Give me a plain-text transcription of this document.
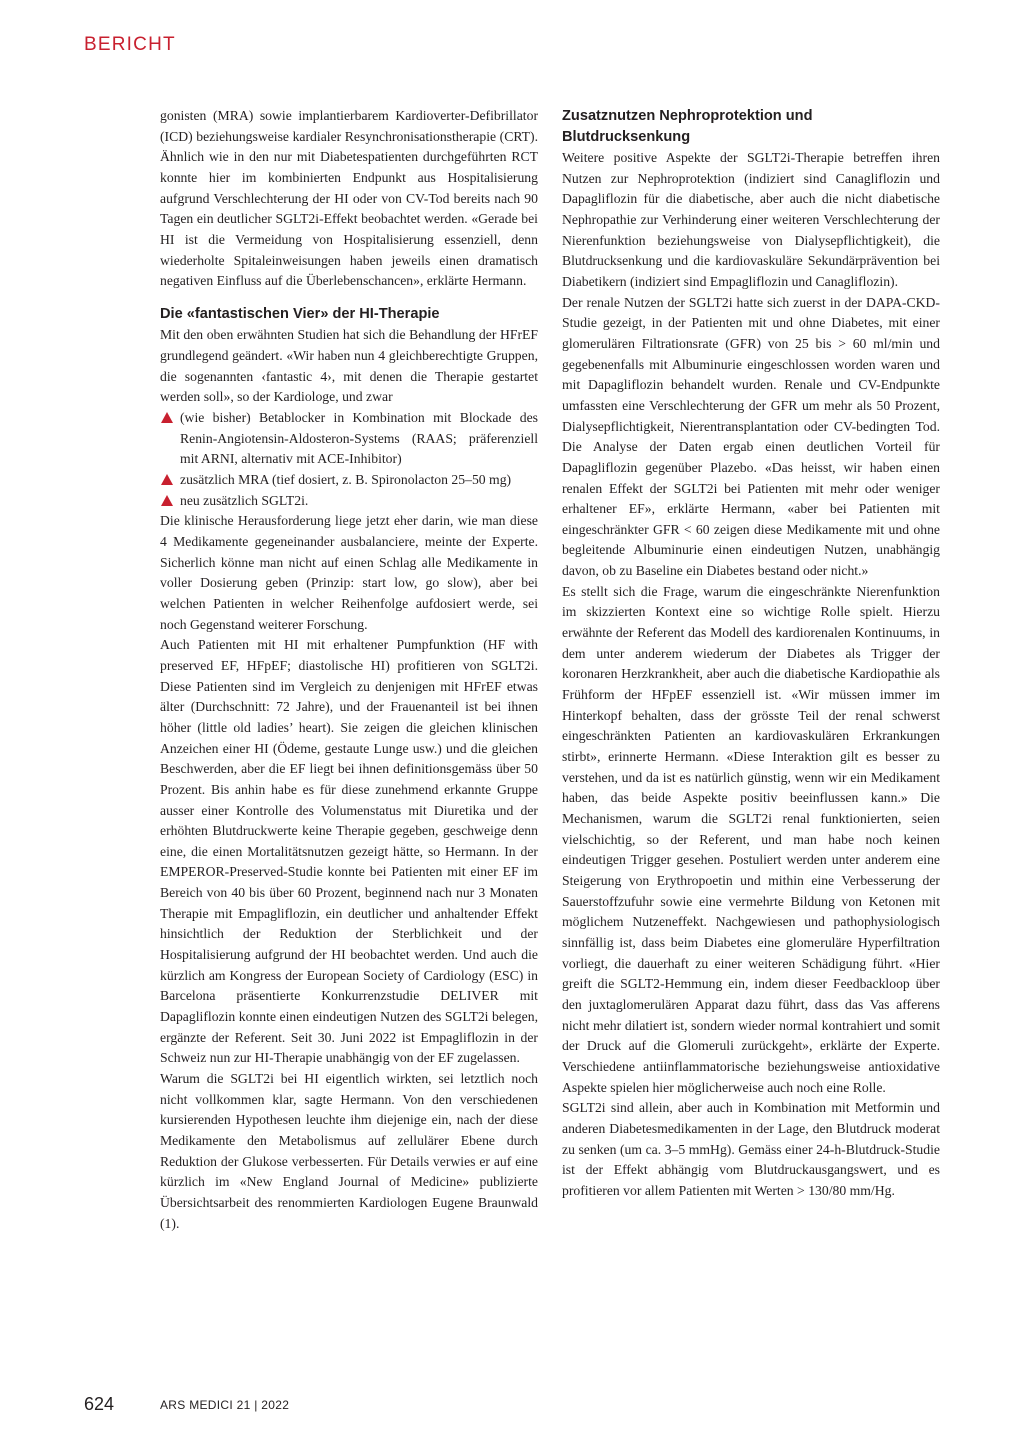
BERICHT

gonisten (MRA) sowie implantierbarem Kardioverter-Defibrillator (ICD) beziehungsweise kardialer Resynchronisationstherapie (CRT). Ähnlich wie in den nur mit Diabetespatienten durchgeführten RCT konnte hier im kombinierten Endpunkt aus Hospitalisierung aufgrund Verschlechterung der HI oder von CV-Tod bereits nach 90 Tagen ein deutlicher SGLT2i-Effekt beobachtet werden. «Gerade bei HI ist die Vermeidung von Hospitalisierung essenziell, denn wiederholte Spitaleinweisungen haben jeweils einen dramatisch negativen Einfluss auf die Überlebenschancen», erklärte Hermann.

Die «fantastischen Vier» der HI-Therapie

Mit den oben erwähnten Studien hat sich die Behandlung der HFrEF grundlegend geändert. «Wir haben nun 4 gleichberechtigte Gruppen, die sogenannten ‹fantastic 4›, mit denen die Therapie gestartet werden soll», so der Kardiologe, und zwar

(wie bisher) Betablocker in Kombination mit Blockade des Renin-Angiotensin-Aldosteron-Systems (RAAS; präferenziell mit ARNI, alternativ mit ACE-Inhibitor)
zusätzlich MRA (tief dosiert, z. B. Spironolacton 25–50 mg)
neu zusätzlich SGLT2i.

Die klinische Herausforderung liege jetzt eher darin, wie man diese 4 Medikamente gegeneinander ausbalanciere, meinte der Experte. Sicherlich könne man nicht auf einen Schlag alle Medikamente in voller Dosierung geben (Prinzip: start low, go slow), aber bei welchen Patienten in welcher Reihenfolge aufdosiert werde, sei noch Gegenstand weiterer Forschung.

Auch Patienten mit HI mit erhaltener Pumpfunktion (HF with preserved EF, HFpEF; diastolische HI) profitieren von SGLT2i. Diese Patienten sind im Vergleich zu denjenigen mit HFrEF etwas älter (Durchschnitt: 72 Jahre), und der Frauenanteil ist bei ihnen höher (little old ladies’ heart). Sie zeigen die gleichen klinischen Anzeichen einer HI (Ödeme, gestaute Lunge usw.) und die gleichen Beschwerden, aber die EF liegt bei ihnen definitionsgemäss über 50 Prozent. Bis anhin habe es für diese zunehmend erkannte Gruppe ausser einer Kontrolle des Volumenstatus mit Diuretika und der erhöhten Blutdruckwerte keine Therapie gegeben, geschweige denn eine, die einen Mortalitätsnutzen gezeigt hätte, so Hermann. In der EMPEROR-Preserved-Studie konnte bei Patienten mit einer EF im Bereich von 40 bis über 60 Prozent, beginnend nach nur 3 Monaten Therapie mit Empagliflozin, ein deutlicher und anhaltender Effekt hinsichtlich der Reduktion der Sterblichkeit und der Hospitalisierung aufgrund der HI beobachtet werden. Und auch die kürzlich am Kongress der European Society of Cardiology (ESC) in Barcelona präsentierte Konkurrenzstudie DELIVER mit Dapagliflozin konnte einen eindeutigen Nutzen des SGLT2i belegen, ergänzte der Referent. Seit 30. Juni 2022 ist Empagliflozin in der Schweiz nun zur HI-Therapie unabhängig von der EF zugelassen.

Warum die SGLT2i bei HI eigentlich wirkten, sei letztlich noch nicht vollkommen klar, sagte Hermann. Von den verschiedenen kursierenden Hypothesen leuchte ihm diejenige ein, nach der diese Medikamente den Metabolismus auf zellulärer Ebene durch Reduktion der Glukose verbesserten. Für Details verwies er auf eine kürzlich im «New England Journal of Medicine» publizierte Übersichtsarbeit des renommierten Kardiologen Eugene Braunwald (1).

Zusatznutzen Nephroprotektion und Blutdrucksenkung

Weitere positive Aspekte der SGLT2i-Therapie betreffen ihren Nutzen zur Nephroprotektion (indiziert sind Canagliflozin und Dapagliflozin für die diabetische, aber auch die nicht diabetische Nephropathie zur Verhinderung einer weiteren Verschlechterung der Nierenfunktion beziehungsweise von Dialysepflichtigkeit), die Blutdrucksenkung und die kardiovaskuläre Sekundärprävention bei Diabetikern (indiziert sind Empagliflozin und Canagliflozin).

Der renale Nutzen der SGLT2i hatte sich zuerst in der DAPA-CKD-Studie gezeigt, in der Patienten mit und ohne Diabetes, mit einer glomerulären Filtrationsrate (GFR) von 25 bis > 60 ml/min und gegebenenfalls mit Albuminurie eingeschlossen worden waren und mit Dapagliflozin behandelt wurden. Renale und CV-Endpunkte umfassten eine Verschlechterung der GFR um mehr als 50 Prozent, Dialysepflichtigkeit, Nierentransplantation oder CV-bedingten Tod. Die Analyse der Daten ergab einen deutlichen Vorteil für Dapagliflozin gegenüber Plazebo. «Das heisst, wir haben einen renalen Effekt der SGLT2i bei Patienten mit mehr oder weniger erhaltener EF», erklärte Hermann, «aber bei Patienten mit eingeschränkter GFR < 60 zeigen diese Medikamente mit und ohne begleitende Albuminurie einen eindeutigen Nutzen, unabhängig davon, ob zu Baseline ein Diabetes bestand oder nicht.»

Es stellt sich die Frage, warum die eingeschränkte Nierenfunktion im skizzierten Kontext eine so wichtige Rolle spielt. Hierzu erwähnte der Referent das Modell des kardiorenalen Kontinuums, in dem unter anderem wiederum der Diabetes als Trigger der koronaren Herzkrankheit, aber auch die diabetische Kardiopathie als Frühform der HFpEF essenziell ist. «Wir müssen immer im Hinterkopf behalten, dass der grösste Teil der renal schwerst eingeschränkten Patienten an kardiovaskulären Erkrankungen stirbt», erinnerte Hermann. «Diese Interaktion gilt es besser zu verstehen, und da ist es natürlich günstig, wenn wir ein Medikament haben, das beide Aspekte positiv beeinflussen kann.» Die Mechanismen, warum die SGLT2i renal funktionierten, seien vielschichtig, so der Referent, und man habe noch keinen eindeutigen Trigger gesehen. Postuliert werden unter anderem eine Steigerung von Erythropoetin und mithin eine Verbesserung der Sauerstoffzufuhr sowie eine vermehrte Bildung von Ketonen mit möglichem Nutzeneffekt. Nachgewiesen und pathophysiologisch sinnfällig ist, dass beim Diabetes eine glomeruläre Hyperfiltration vorliegt, die dauerhaft zu einer weiteren Schädigung führt. «Hier greift die SGLT2-Hemmung ein, indem dieser Feedbackloop über den juxtaglomerulären Apparat dazu führt, dass das Vas afferens nicht mehr dilatiert ist, sondern wieder normal kontrahiert und somit der Druck auf die Glomeruli zurückgeht», erklärte der Experte. Verschiedene antiinflammatorische beziehungsweise antioxidative Aspekte spielen hier möglicherweise auch noch eine Rolle.

SGLT2i sind allein, aber auch in Kombination mit Metformin und anderen Diabetesmedikamenten in der Lage, den Blutdruck moderat zu senken (um ca. 3–5 mmHg). Gemäss einer 24-h-Blutdruck-Studie ist der Effekt abhängig vom Blutdruckausgangswert, und es profitieren vor allem Patienten mit Werten > 130/80 mm/Hg.

624	ARS MEDICI 21 | 2022
